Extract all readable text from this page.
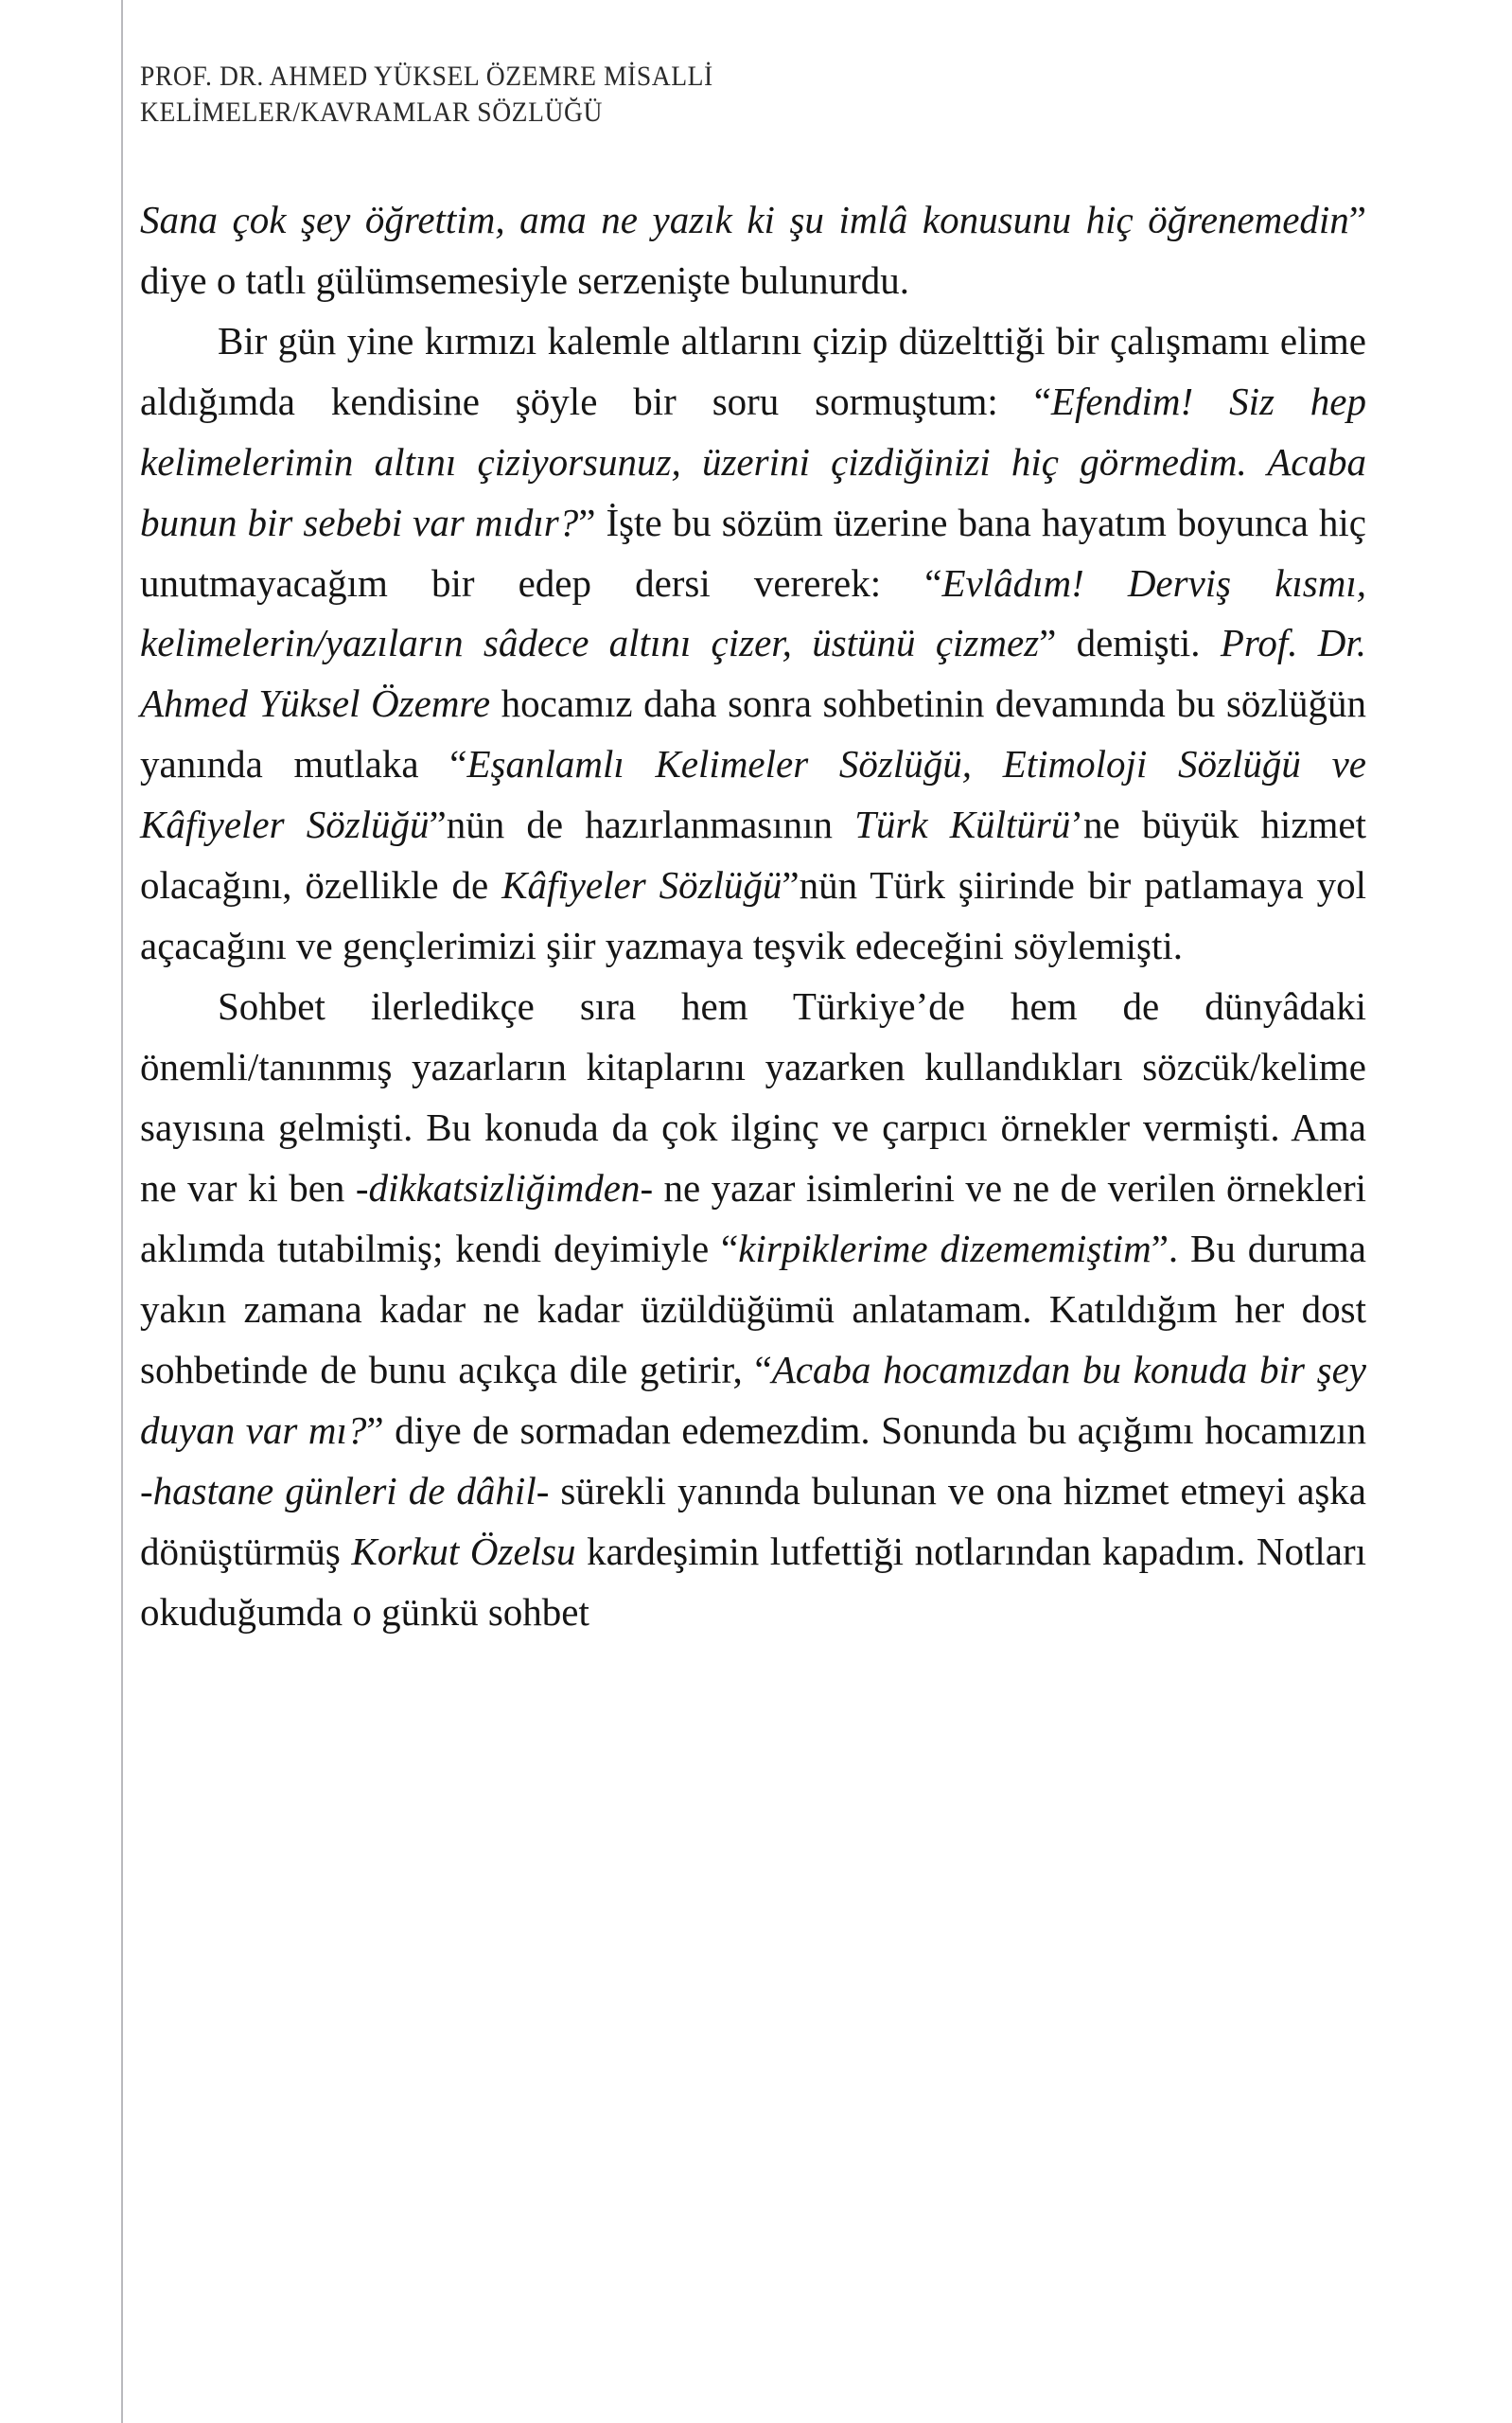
PROF. DR. AHMED YÜKSEL ÖZEMRE MİSALLİ
KELİMELER/KAVRAMLAR SÖZLÜĞÜ

Sana çok şey öğrettim, ama ne yazık ki şu imlâ konusunu hiç öğrenemedin” diye o tatlı gülümsemesiyle serzenişte bulunurdu.

Bir gün yine kırmızı kalemle altlarını çizip düzelttiği bir çalışmamı elime aldığımda kendisine şöyle bir soru sormuştum: “Efendim! Siz hep kelimelerimin altını çiziyorsunuz, üzerini çizdiğinizi hiç görmedim. Acaba bunun bir sebebi var mıdır?” İşte bu sözüm üzerine bana hayatım boyunca hiç unutmayacağım bir edep dersi vererek: “Evlâdım! Derviş kısmı, kelimelerin/yazıların sâdece altını çizer, üstünü çizmez” demişti. Prof. Dr. Ahmed Yüksel Özemre hocamız daha sonra sohbetinin devamında bu sözlüğün yanında mutlaka “Eşanlamlı Kelimeler Sözlüğü, Etimoloji Sözlüğü ve Kâfiyeler Sözlüğü”nün de hazırlanmasının Türk Kültürü’ne büyük hizmet olacağını, özellikle de Kâfiyeler Sözlüğü”nün Türk şiirinde bir patlamaya yol açacağını ve gençlerimizi şiir yazmaya teşvik edeceğini söylemişti.

Sohbet ilerledikçe sıra hem Türkiye’de hem de dünyâdaki önemli/tanınmış yazarların kitaplarını yazarken kullandıkları sözcük/kelime sayısına gelmişti. Bu konuda da çok ilginç ve çarpıcı örnekler vermişti. Ama ne var ki ben -dikkatsizliğimden- ne yazar isimlerini ve ne de verilen örnekleri aklımda tutabilmiş; kendi deyimiyle “kirpiklerime dizememiştim”. Bu duruma yakın zamana kadar ne kadar üzüldüğümü anlatamam. Katıldığım her dost sohbetinde de bunu açıkça dile getirir, “Acaba hocamızdan bu konuda bir şey duyan var mı?” diye de sormadan edemezdim. Sonunda bu açığımı hocamızın -hastane günleri de dâhil- sürekli yanında bulunan ve ona hizmet etmeyi aşka dönüştürmüş Korkut Özelsu kardeşimin lutfettiği notlarından kapadım. Notları okuduğumda o günkü sohbet
